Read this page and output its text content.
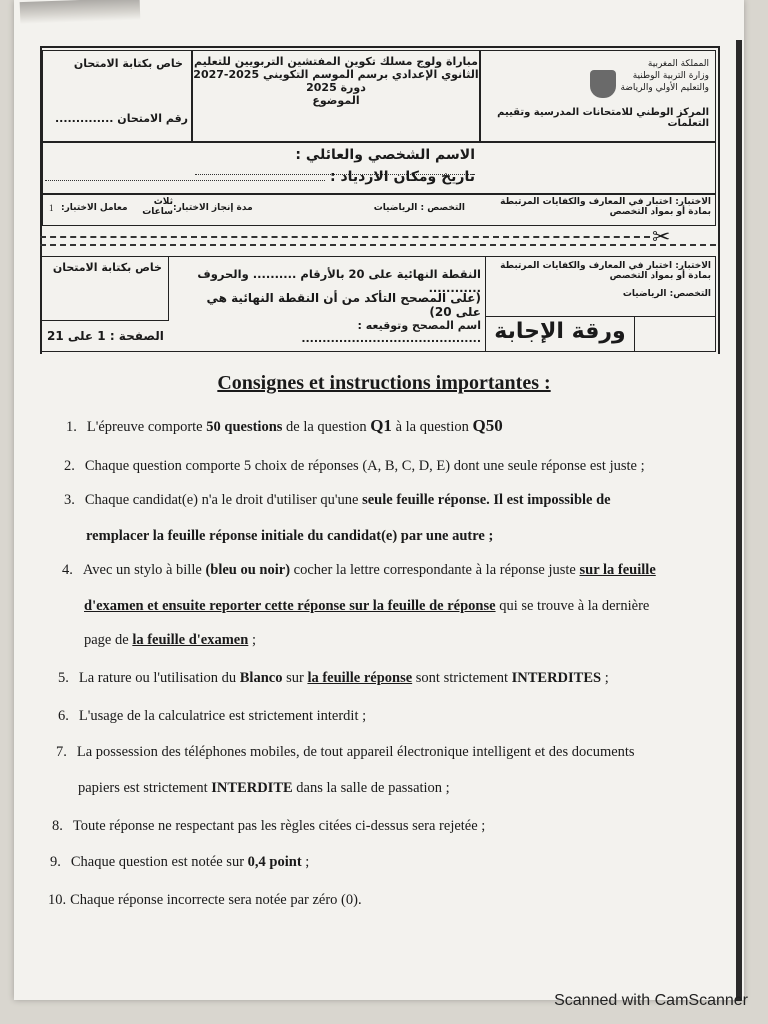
خاص بكتابة الامتحان
رقم الامتحان ..............
مباراة ولوج مسلك تكوين المفتشين التربويين للتعليم
الثانوي الإعدادي برسم الموسم التكويني 2025-2027
دورة 2025
الموضوع
المملكة المغربية
وزارة التربية الوطنية
والتعليم الأولي والرياضة
المركز الوطني للامتحانات المدرسية وتقييم التعلمات
الاسم الشخصي والعائلي :
تاريخ ومكان الازدياد :
الاختبار: اختبار في المعارف والكفايات المرتبطة بمادة أو بمواد التخصص
التخصص : الرياضيات
مدة إنجاز الاختبار:
ثلاث ساعات
معامل الاختبار:
1
✂
خاص بكتابة الامتحان
الصفحة : 1 على 21
النقطة النهائية على 20 بالأرقام .......... والحروف ............
(على المصحح التأكد من أن النقطة النهائية هي على 20)
اسم المصحح وتوقيعه : ...........................................
الاختبار: اختبار في المعارف والكفايات المرتبطة بمادة أو بمواد التخصص
التخصص: الرياضيات
ورقة الإجابة
Consignes et instructions importantes :
1. L'épreuve comporte 50 questions de la question Q1 à la question Q50
2. Chaque question comporte 5 choix de réponses (A, B, C, D, E) dont une seule réponse est juste ;
3. Chaque candidat(e) n'a le droit d'utiliser qu'une seule feuille réponse. Il est impossible de
remplacer la feuille réponse initiale du candidat(e) par une autre ;
4. Avec un stylo à bille (bleu ou noir) cocher la lettre correspondante à la réponse juste sur la feuille
d'examen et ensuite reporter cette réponse sur la feuille de réponse qui se trouve à la dernière
page de la feuille d'examen ;
5. La rature ou l'utilisation du Blanco sur la feuille réponse sont strictement INTERDITES ;
6. L'usage de la calculatrice est strictement interdit ;
7. La possession des téléphones mobiles, de tout appareil électronique intelligent et des documents
papiers est strictement INTERDITE dans la salle de passation ;
8. Toute réponse ne respectant pas les règles citées ci-dessus sera rejetée ;
9. Chaque question est notée sur 0,4 point ;
10. Chaque réponse incorrecte sera notée par zéro (0).
Scanned with CamScanner
